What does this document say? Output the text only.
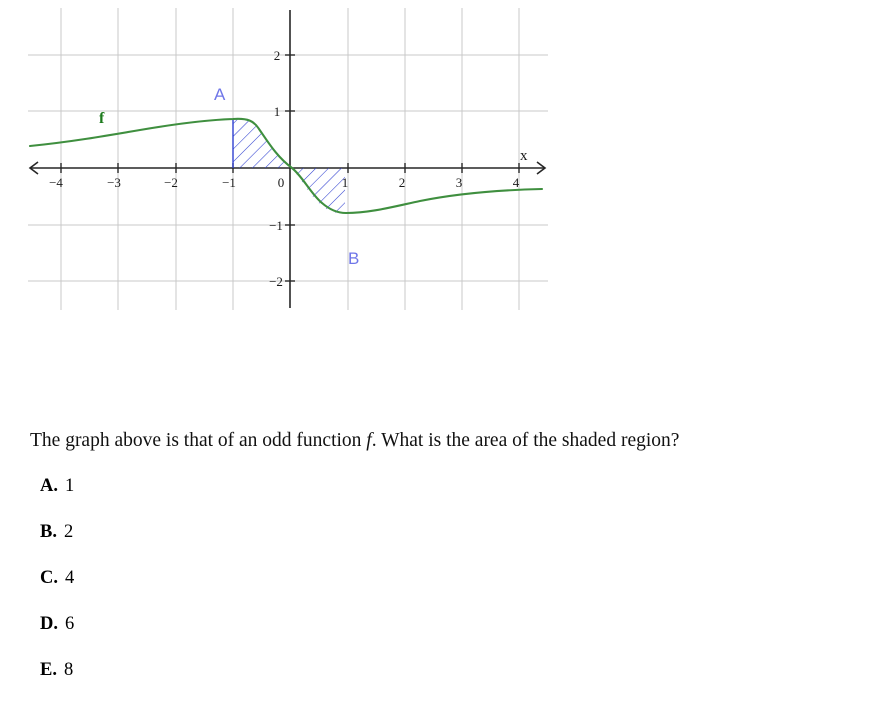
−4	−3	−2	−1	0	1	2	3	4
2
1
−1
−2
f
A
B
x
The graph above is that of an odd function f. What is the area of the shaded region?
A. 1
B. 2
C. 4
D. 6
E. 8
